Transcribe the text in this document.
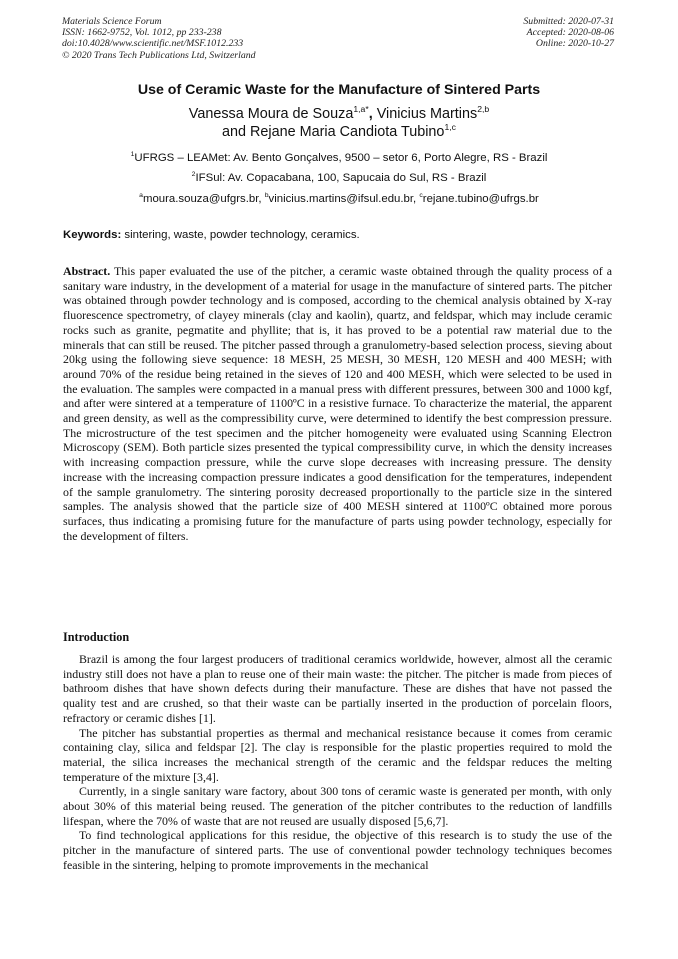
Materials Science Forum
ISSN: 1662-9752, Vol. 1012, pp 233-238
doi:10.4028/www.scientific.net/MSF.1012.233
© 2020 Trans Tech Publications Ltd, Switzerland
Submitted: 2020-07-31
Accepted: 2020-08-06
Online: 2020-10-27
Use of Ceramic Waste for the Manufacture of Sintered Parts
Vanessa Moura de Souza$^{1,a*}$, Vinicius Martins$^{2,b}$
and Rejane Maria Candiota Tubino$^{1,c}$
$^1$UFRGS – LEAMet: Av. Bento Gonçalves, 9500 – setor 6, Porto Alegre, RS - Brazil
$^2$IFSul: Av. Copacabana, 100, Sapucaia do Sul, RS - Brazil
$^a$moura.souza@ufgrs.br, $^b$vinicius.martins@ifsul.edu.br, $^c$rejane.tubino@ufrgs.br
Keywords: sintering, waste, powder technology, ceramics.

Abstract. This paper evaluated the use of the pitcher, a ceramic waste obtained through the quality process of a sanitary ware industry, in the development of a material for usage in the manufacture of sintered parts. The pitcher was obtained through powder technology and is composed, according to the chemical analysis obtained by X-ray fluorescence spectrometry, of clayey minerals (clay and kaolin), quartz, and feldspar, which may include ceramic rocks such as granite, pegmatite and phyllite; that is, it has proved to be a potential raw material due to the minerals that can still be reused. The pitcher passed through a granulometry-based selection process, sieving about 20kg using the following sieve sequence: 18 MESH, 25 MESH, 30 MESH, 120 MESH and 400 MESH; with around 70% of the residue being retained in the sieves of 120 and 400 MESH, which were selected to be used in the evaluation. The samples were compacted in a manual press with different pressures, between 300 and 1000 kgf, and after were sintered at a temperature of 1100ºC in a resistive furnace. To characterize the material, the apparent and green density, as well as the compressibility curve, were determined to identify the best compression pressure. The microstructure of the test specimen and the pitcher homogeneity were evaluated using Scanning Electron Microscopy (SEM). Both particle sizes presented the typical compressibility curve, in which the density increases with increasing compaction pressure, while the curve slope decreases with increasing pressure. The density increase with the increasing compaction pressure indicates a good densification for the temperatures, independent of the sample granulometry. The sintering porosity decreased proportionally to the particle size in the sintered samples. The analysis showed that the particle size of 400 MESH sintered at 1100ºC obtained more porous surfaces, thus indicating a promising future for the manufacture of parts using powder technology, especially for the development of filters.

Introduction

Brazil is among the four largest producers of traditional ceramics worldwide, however, almost all the ceramic industry still does not have a plan to reuse one of their main waste: the pitcher. The pitcher is made from pieces of bathroom dishes that have shown defects during their manufacture. These are dishes that have not passed the quality test and are crushed, so that their waste can be partially inserted in the production of porcelain floors, refractory or ceramic dishes [1].

The pitcher has substantial properties as thermal and mechanical resistance because it comes from ceramic containing clay, silica and feldspar [2]. The clay is responsible for the plastic properties required to mold the material, the silica increases the mechanical strength of the ceramic and the feldspar reduces the melting temperature of the mixture [3,4].

Currently, in a single sanitary ware factory, about 300 tons of ceramic waste is generated per month, with only about 30% of this material being reused. The generation of the pitcher contributes to the reduction of landfills lifespan, where the 70% of waste that are not reused are usually disposed [5,6,7].

To find technological applications for this residue, the objective of this research is to study the use of the pitcher in the manufacture of sintered parts. The use of conventional powder technology techniques becomes feasible in the sintering, helping to promote improvements in the mechanical
